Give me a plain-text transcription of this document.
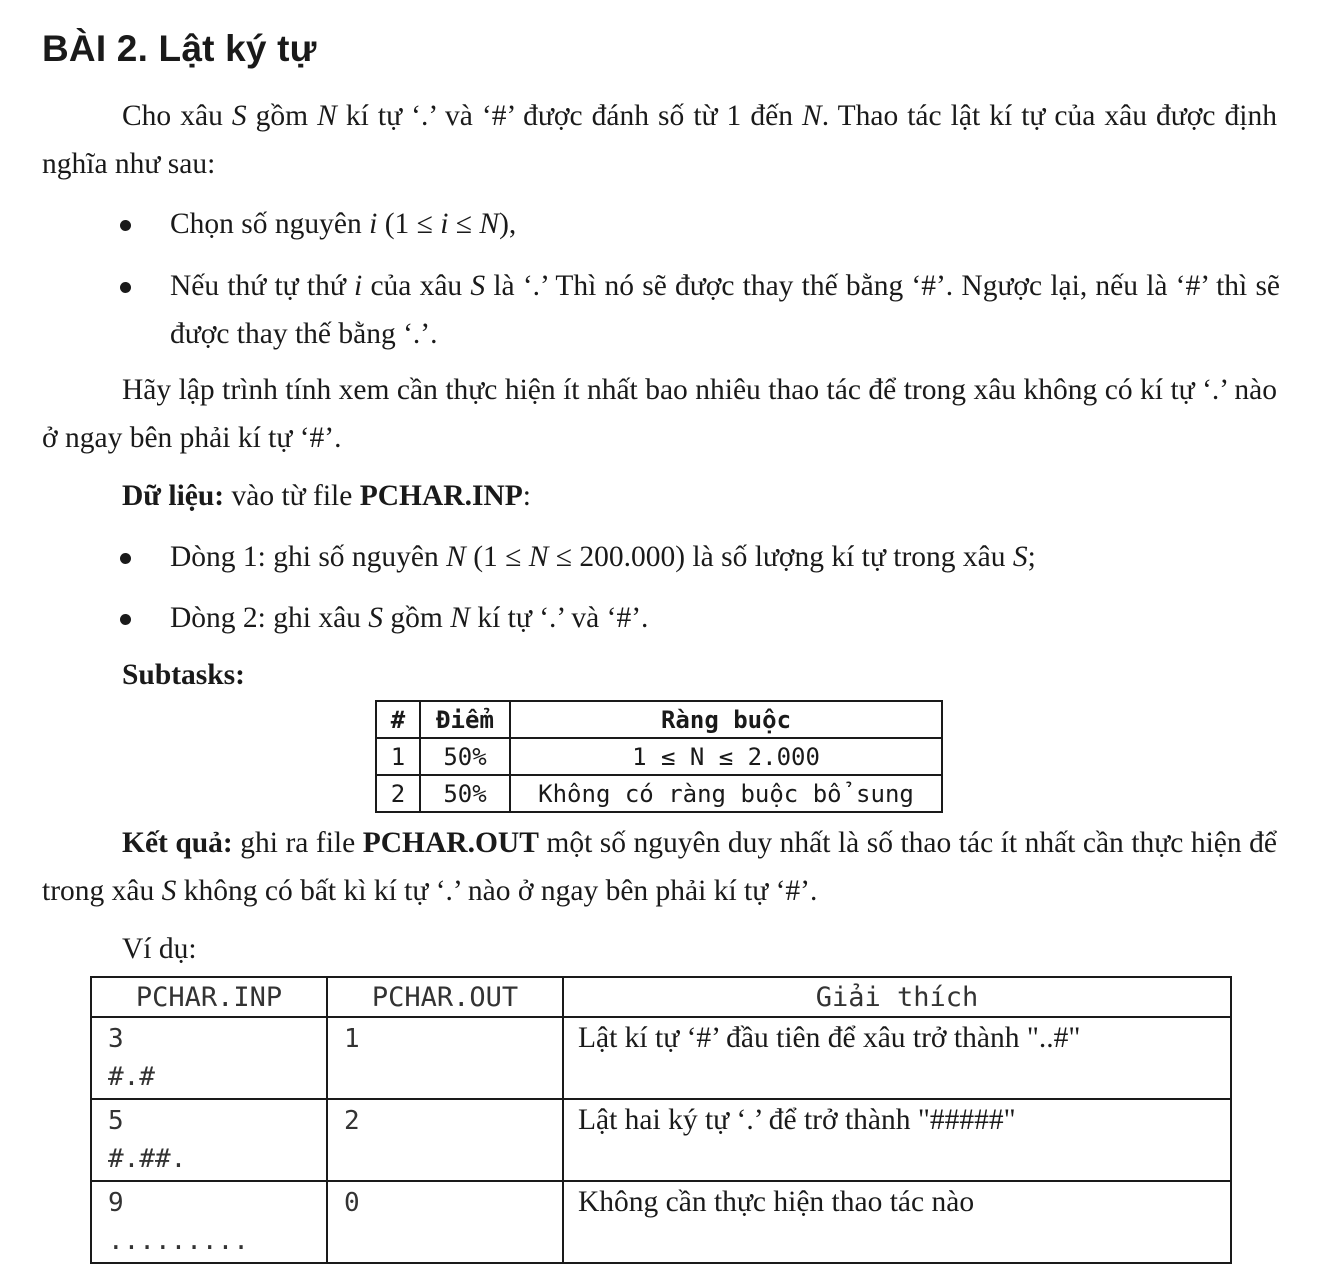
BÀI 2. Lật ký tự
Cho xâu S gồm N kí tự ‘.’ và ‘#’ được đánh số từ 1 đến N. Thao tác lật kí tự của xâu được định nghĩa như sau:
Chọn số nguyên i (1 ≤ i ≤ N),
Nếu thứ tự thứ i của xâu S là ‘.’ Thì nó sẽ được thay thế bằng ‘#’. Ngược lại, nếu là ‘#’ thì sẽ được thay thế bằng ‘.’.
Hãy lập trình tính xem cần thực hiện ít nhất bao nhiêu thao tác để trong xâu không có kí tự ‘.’ nào ở ngay bên phải kí tự ‘#’.
Dữ liệu: vào từ file PCHAR.INP:
Dòng 1: ghi số nguyên N (1 ≤ N ≤ 200.000) là số lượng kí tự trong xâu S;
Dòng 2: ghi xâu S gồm N kí tự ‘.’ và ‘#’.
Subtasks:
#	Điểm	Ràng buộc
1	50%	1 ≤ N ≤ 2.000
2	50%	Không có ràng buộc bổ sung
Kết quả: ghi ra file PCHAR.OUT một số nguyên duy nhất là số thao tác ít nhất cần thực hiện để trong xâu S không có bất kì kí tự ‘.’ nào ở ngay bên phải kí tự ‘#’.
Ví dụ:
PCHAR.INP	PCHAR.OUT	Giải thích

3
#.#	1	Lật kí tự ‘#’ đầu tiên để xâu trở thành "..#"

5
#.##.	2	Lật hai ký tự ‘.’ để trở thành "#####"

9
.........	0	Không cần thực hiện thao tác nào
